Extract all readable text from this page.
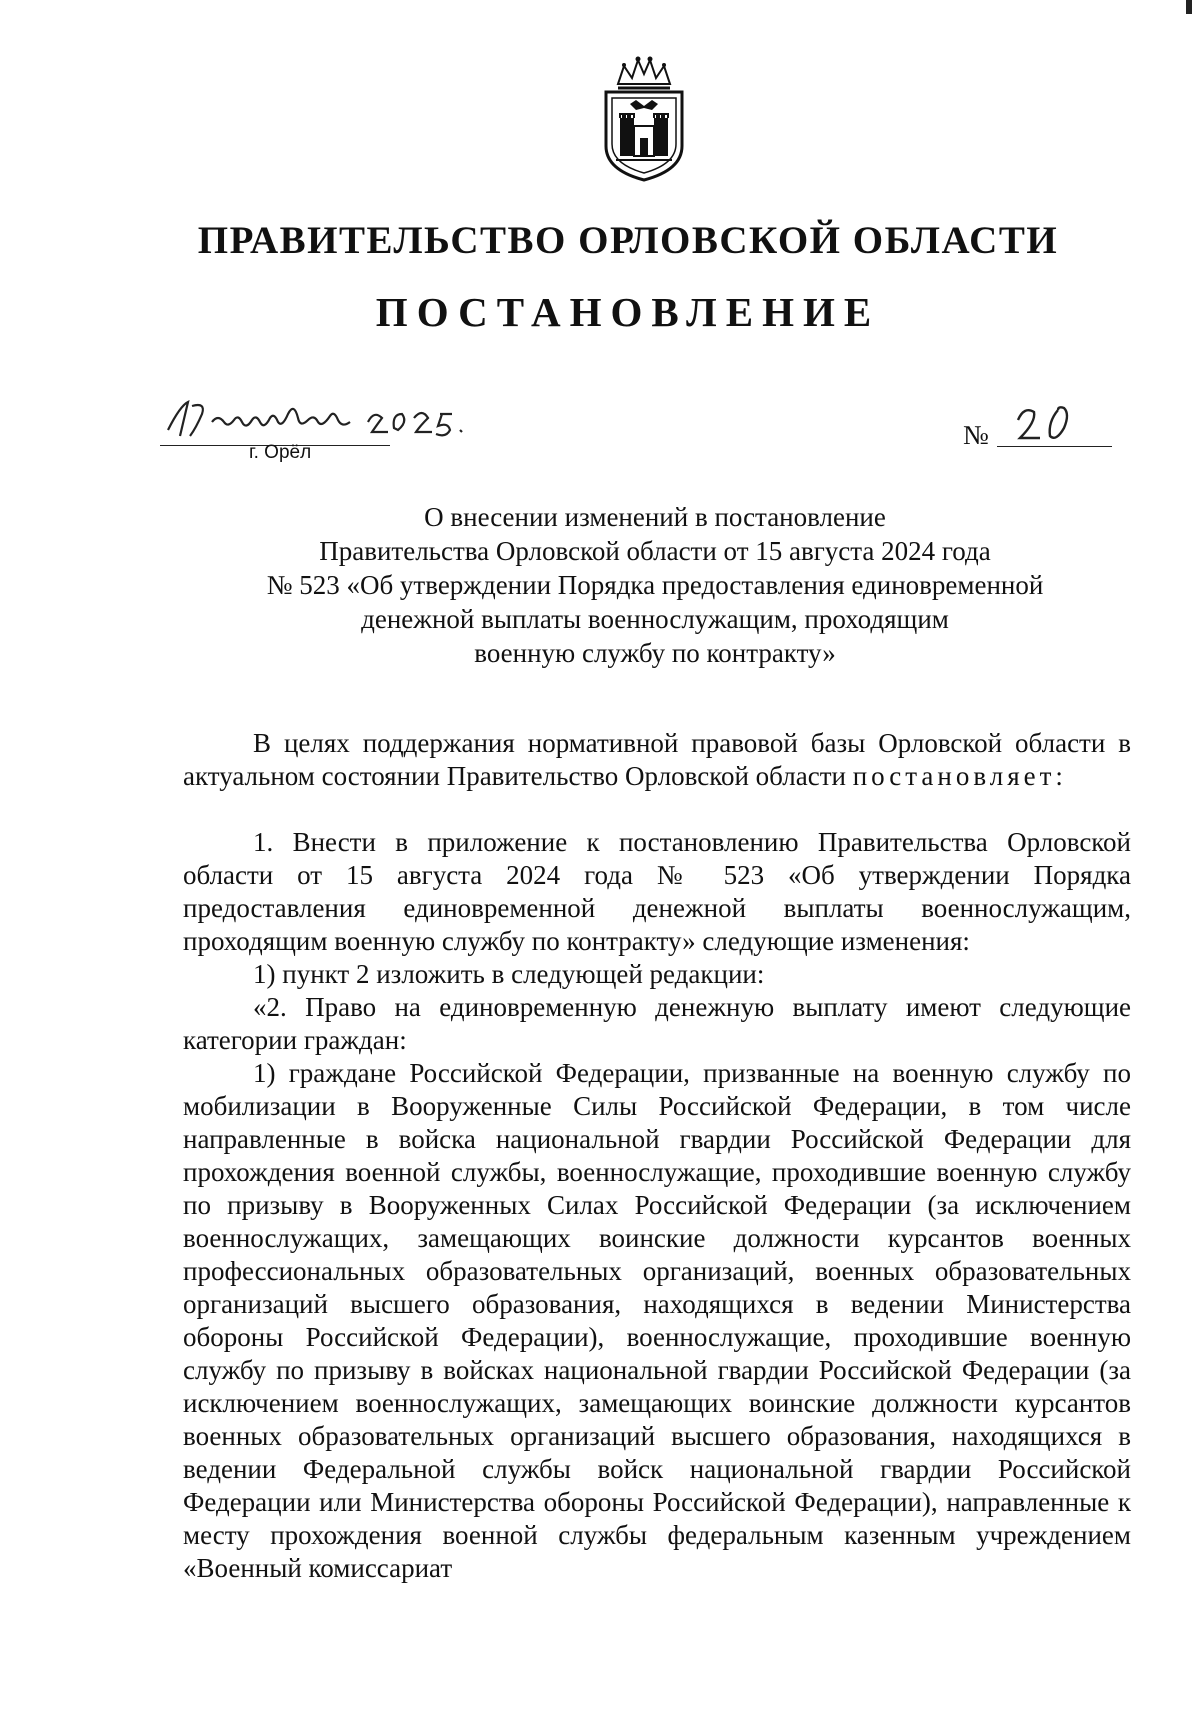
ПРАВИТЕЛЬСТВО ОРЛОВСКОЙ ОБЛАСТИ
ПОСТАНОВЛЕНИЕ
г. Орёл
№
О внесении изменений в постановление
Правительства Орловской области от 15 августа 2024 года
№ 523 «Об утверждении Порядка предоставления единовременной
денежной выплаты военнослужащим, проходящим
военную службу по контракту»

В целях поддержания нормативной правовой базы Орловской области в актуальном состоянии Правительство Орловской области постановляет:

1. Внести в приложение к постановлению Правительства Орловской области от 15 августа 2024 года № 523 «Об утверждении Порядка предоставления единовременной денежной выплаты военнослужащим, проходящим военную службу по контракту» следующие изменения:

1) пункт 2 изложить в следующей редакции:

«2. Право на единовременную денежную выплату имеют следующие категории граждан:

1) граждане Российской Федерации, призванные на военную службу по мобилизации в Вооруженные Силы Российской Федерации, в том числе направленные в войска национальной гвардии Российской Федерации для прохождения военной службы, военнослужащие, проходившие военную службу по призыву в Вооруженных Силах Российской Федерации (за исключением военнослужащих, замещающих воинские должности курсантов военных профессиональных образовательных организаций, военных образовательных организаций высшего образования, находящихся в ведении Министерства обороны Российской Федерации), военнослужащие, проходившие военную службу по призыву в войсках национальной гвардии Российской Федерации (за исключением военнослужащих, замещающих воинские должности курсантов военных образовательных организаций высшего образования, находящихся в ведении Федеральной службы войск национальной гвардии Российской Федерации или Министерства обороны Российской Федерации), направленные к месту прохождения военной службы федеральным казенным учреждением «Военный комиссариат
